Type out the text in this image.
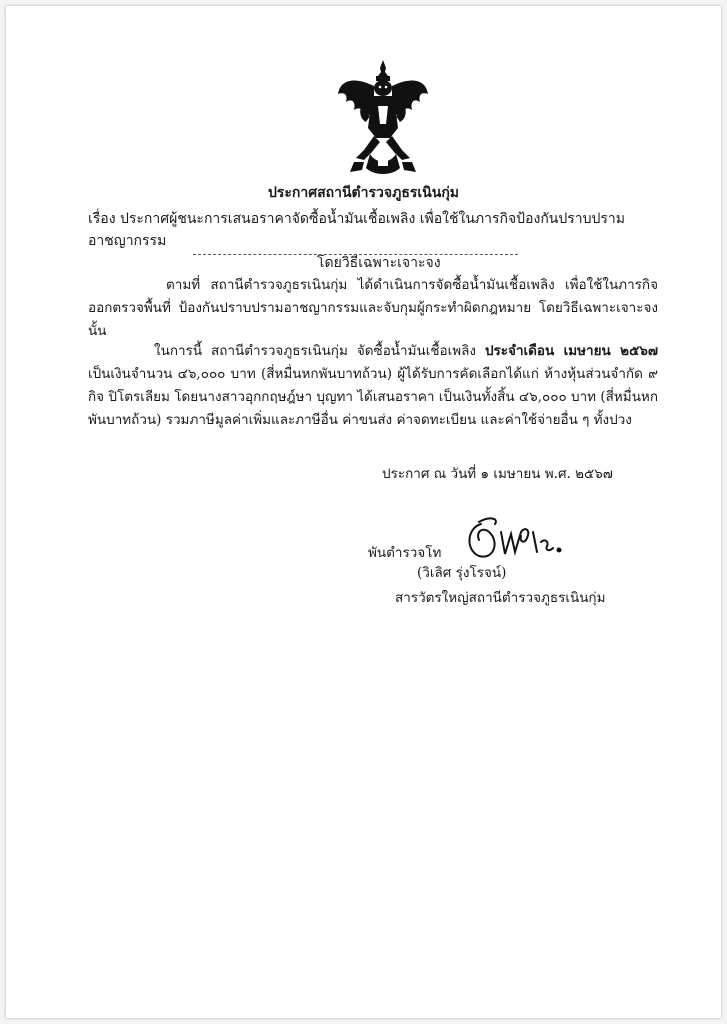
ประกาศสถานีตำรวจภูธรเนินกุ่ม
เรื่อง ประกาศผู้ชนะการเสนอราคาจัดซื้อน้ำมันเชื้อเพลิง เพื่อใช้ในภารกิจป้องกันปราบปรามอาชญากรรม
โดยวิธีเฉพาะเจาะจง
ตามที่ สถานีตำรวจภูธรเนินกุ่ม ได้ดำเนินการจัดซื้อน้ำมันเชื้อเพลิง เพื่อใช้ในภารกิจออกตรวจพื้นที่ ป้องกันปราบปรามอาชญากรรมและจับกุมผู้กระทำผิดกฎหมาย โดยวิธีเฉพาะเจาะจง นั้น
ในการนี้ สถานีตำรวจภูธรเนินกุ่ม จัดซื้อน้ำมันเชื้อเพลิง ประจำเดือน เมษายน ๒๕๖๗ เป็นเงินจำนวน ๔๖,๐๐๐ บาท (สี่หมื่นหกพันบาทถ้วน) ผู้ได้รับการคัดเลือกได้แก่ ห้างหุ้นส่วนจำกัด ๙ กิจ ปิโตรเลียม โดยนางสาวอุกกฤษฎ์ษา บุญทา ได้เสนอราคา เป็นเงินทั้งสิ้น ๔๖,๐๐๐ บาท (สี่หมื่นหกพันบาทถ้วน) รวมภาษีมูลค่าเพิ่มและภาษีอื่น ค่าขนส่ง ค่าจดทะเบียน และค่าใช้จ่ายอื่น ๆ ทั้งปวง
ประกาศ ณ วันที่ ๑ เมษายน พ.ศ. ๒๕๖๗
พันตำรวจโท
(วิเลิศ รุ่งโรจน์)
สารวัตรใหญ่สถานีตำรวจภูธรเนินกุ่ม
